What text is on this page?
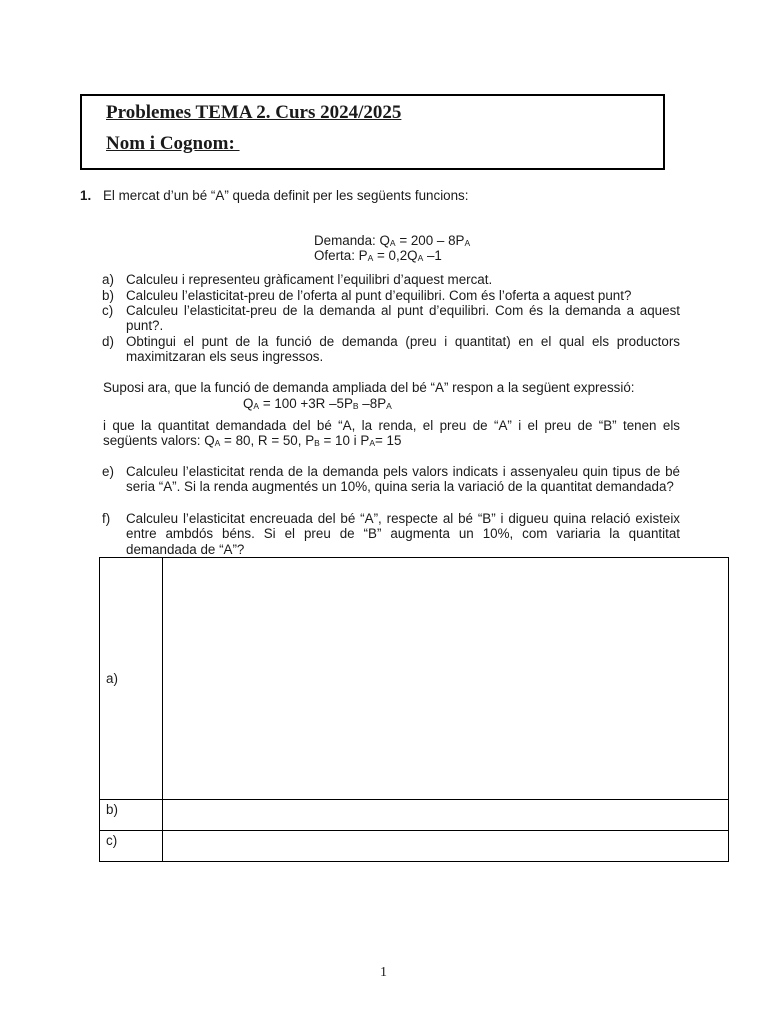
Problemes TEMA 2. Curs 2024/2025
Nom i Cognom:
1. El mercat d’un bé “A” queda definit per les següents funcions:
Demanda: $Q_A = 200 - 8P_A$
Oferta: $P_A = 0,2Q_A$ –1
a) Calculeu i representeu gràficament l’equilibri d’aquest mercat.
b) Calculeu l’elasticitat-preu de l’oferta al punt d’equilibri. Com és l’oferta a aquest punt?
c) Calculeu l’elasticitat-preu de la demanda al punt d’equilibri. Com és la demanda a aquest punt?.
d) Obtingui el punt de la funció de demanda (preu i quantitat) en el qual els productors maximitzaran els seus ingressos.
Suposi ara, que la funció de demanda ampliada del bé “A” respon a la següent expressió:
$Q_A = 100 +3R$ $-5P_B$ $-8P_A$
i que la quantitat demandada del bé “A, la renda, el preu de “A” i el preu de “B” tenen els següents valors: $Q_A = 80$, R = 50, $P_B = 10$ i $P_A= 15$
e) Calculeu l’elasticitat renda de la demanda pels valors indicats i assenyaleu quin tipus de bé seria “A”. Si la renda augmentés un 10%, quina seria la variació de la quantitat demandada?
f) Calculeu l’elasticitat encreuada del bé “A”, respecte al bé “B” i digueu quina relació existeix entre ambdós béns. Si el preu de “B” augmenta un 10%, com variaria la quantitat demandada de “A”?
a)	
b)	
c)	
1
